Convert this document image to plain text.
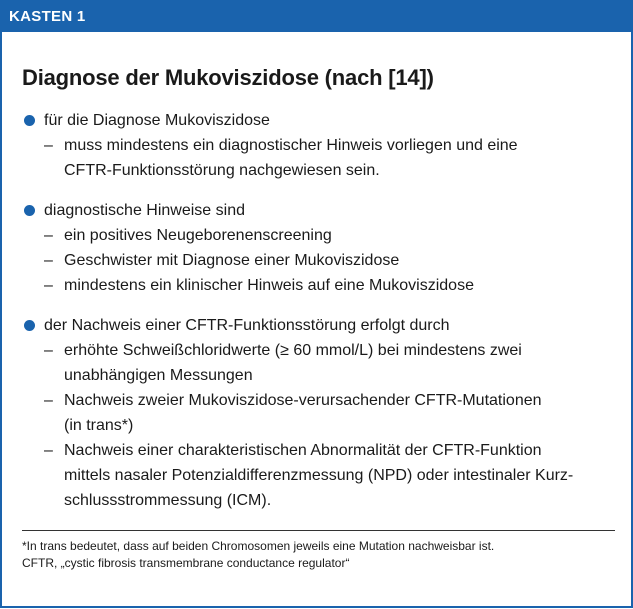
KASTEN 1
Diagnose der Mukoviszidose (nach [14])
für die Diagnose Mukoviszidose
– muss mindestens ein diagnostischer Hinweis vorliegen und eine
CFTR-Funktionsstörung nachgewiesen sein.
diagnostische Hinweise sind
– ein positives Neugeborenenscreening
– Geschwister mit Diagnose einer Mukoviszidose
– mindestens ein klinischer Hinweis auf eine Mukoviszidose
der Nachweis einer CFTR-Funktionsstörung erfolgt durch
– erhöhte Schweißchloridwerte (≥ 60 mmol/L) bei mindestens zwei
unabhängigen Messungen
– Nachweis zweier Mukoviszidose-verursachender CFTR-Mutationen
(in trans*)
– Nachweis einer charakteristischen Abnormalität der CFTR-Funktion
mittels nasaler Potenzialdifferenzmessung (NPD) oder intestinaler Kurz-
schlussstrommessung (ICM).
*In trans bedeutet, dass auf beiden Chromosomen jeweils eine Mutation nachweisbar ist.
CFTR, „cystic fibrosis transmembrane conductance regulator“
